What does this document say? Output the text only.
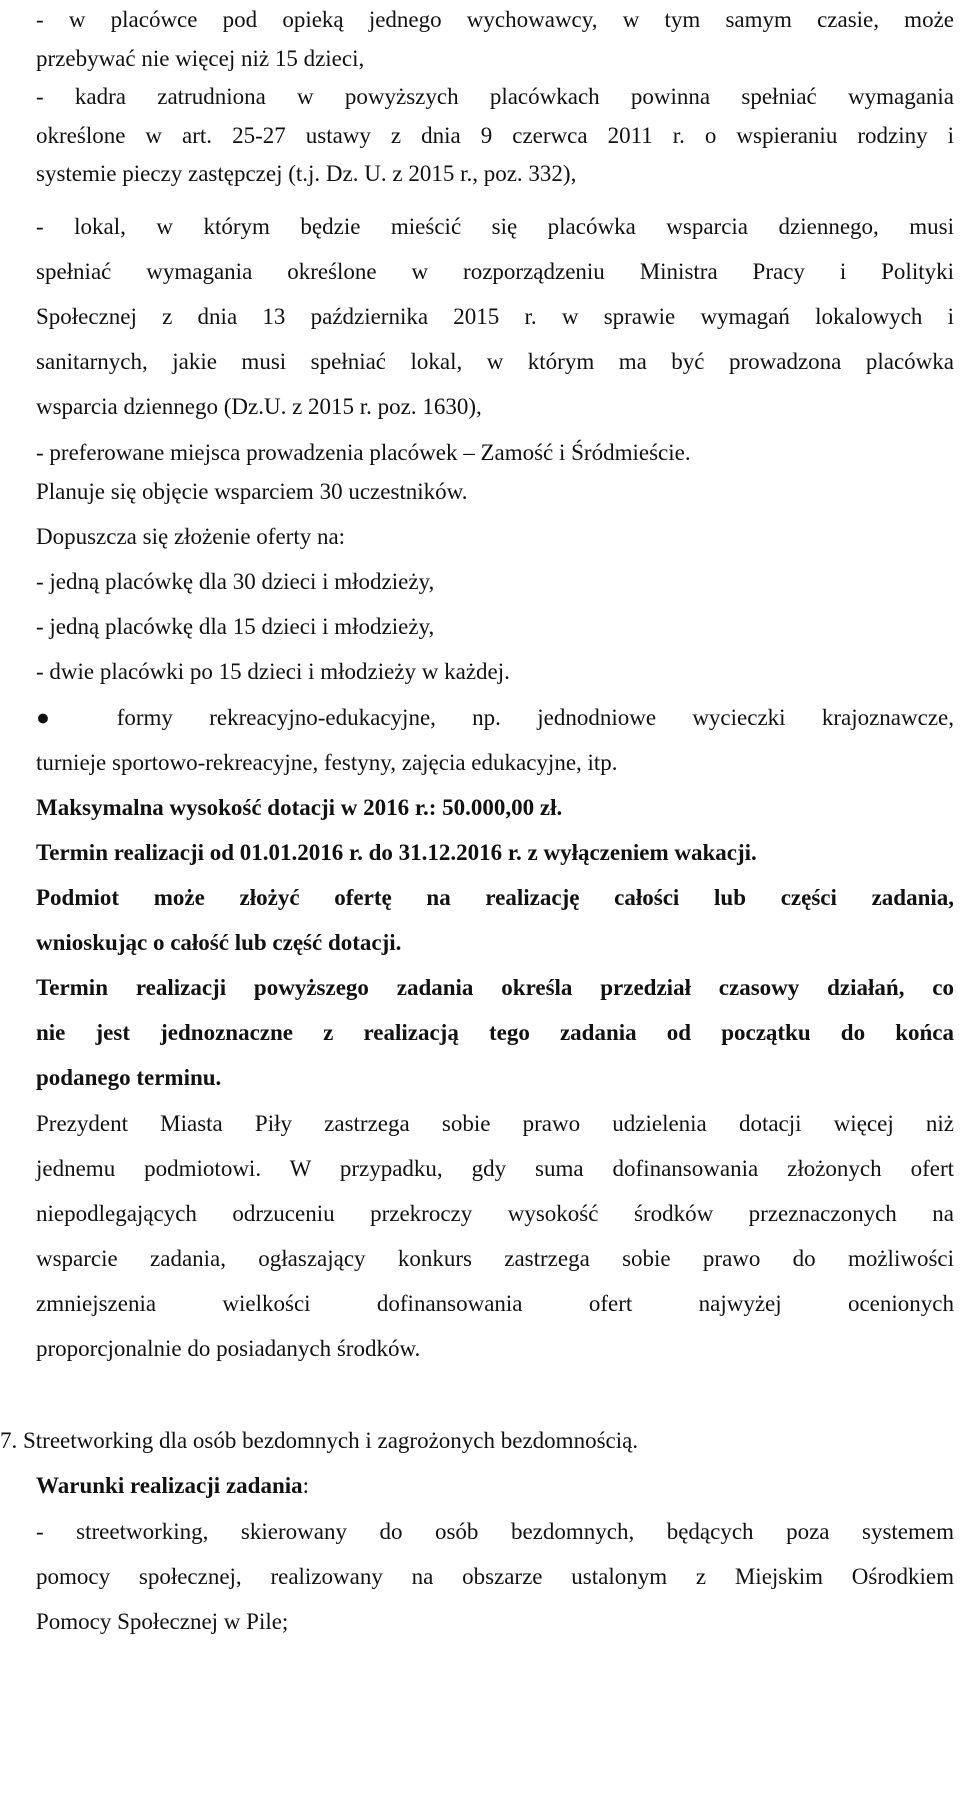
- w placówce pod opieką jednego wychowawcy, w tym samym czasie, może
przebywać nie więcej niż 15 dzieci,
- kadra zatrudniona w powyższych placówkach powinna spełniać wymagania
określone w art. 25-27 ustawy z dnia 9 czerwca 2011 r. o wspieraniu rodziny i
systemie pieczy zastępczej (t.j. Dz. U. z 2015 r., poz. 332),
- lokal, w którym będzie mieścić się placówka wsparcia dziennego, musi
spełniać wymagania określone w rozporządzeniu Ministra Pracy i Polityki
Społecznej z dnia 13 października 2015 r. w sprawie wymagań lokalowych i
sanitarnych, jakie musi spełniać lokal, w którym ma być prowadzona placówka
wsparcia dziennego (Dz.U. z 2015 r. poz. 1630),
- preferowane miejsca prowadzenia placówek – Zamość i Śródmieście.
Planuje się objęcie wsparciem 30 uczestników.
Dopuszcza się złożenie oferty na:
- jedną placówkę dla 30 dzieci i młodzieży,
- jedną placówkę dla 15 dzieci i młodzieży,
- dwie placówki po 15 dzieci i młodzieży w każdej.
● formy rekreacyjno-edukacyjne, np. jednodniowe wycieczki krajoznawcze,
turnieje sportowo-rekreacyjne, festyny, zajęcia edukacyjne, itp.
Maksymalna wysokość dotacji w 2016 r.: 50.000,00 zł.
Termin realizacji od 01.01.2016 r. do 31.12.2016 r. z wyłączeniem wakacji.
Podmiot może złożyć ofertę na realizację całości lub części zadania,
wnioskując o całość lub część dotacji.
Termin realizacji powyższego zadania określa przedział czasowy działań, co
nie jest jednoznaczne z realizacją tego zadania od początku do końca
podanego terminu.
Prezydent Miasta Piły zastrzega sobie prawo udzielenia dotacji więcej niż
jednemu podmiotowi. W przypadku, gdy suma dofinansowania złożonych ofert
niepodlegających odrzuceniu przekroczy wysokość środków przeznaczonych na
wsparcie zadania, ogłaszający konkurs zastrzega sobie prawo do możliwości
zmniejszenia wielkości dofinansowania ofert najwyżej ocenionych
proporcjonalnie do posiadanych środków.
7. Streetworking dla osób bezdomnych i zagrożonych bezdomnością.
Warunki realizacji zadania:
- streetworking, skierowany do osób bezdomnych, będących poza systemem
pomocy społecznej, realizowany na obszarze ustalonym z Miejskim Ośrodkiem
Pomocy Społecznej w Pile;
